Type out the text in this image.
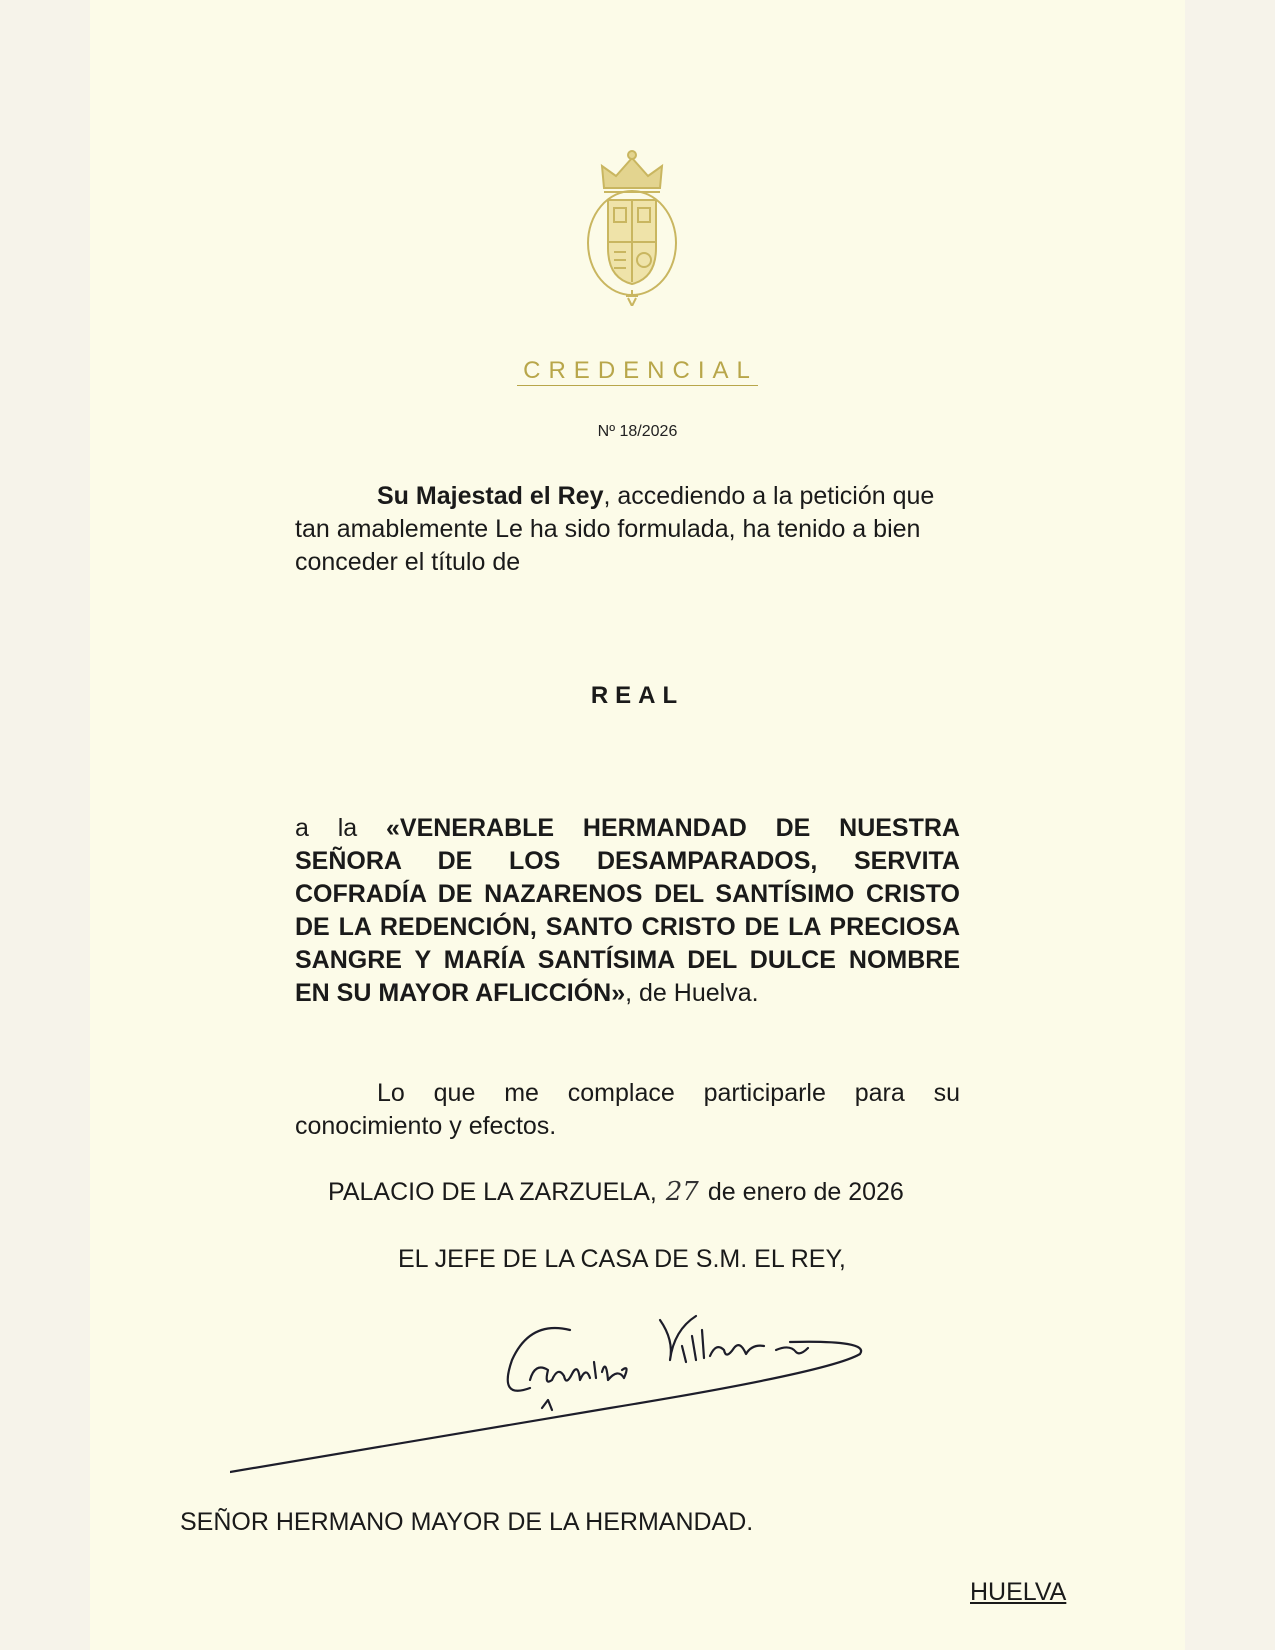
CREDENCIAL
Nº 18/2026
Su Majestad el Rey, accediendo a la petición que tan amablemente Le ha sido formulada, ha tenido a bien conceder el título de
REAL
a la «VENERABLE HERMANDAD DE NUESTRA SEÑORA DE LOS DESAMPARADOS, SERVITA COFRADÍA DE NAZARENOS DEL SANTÍSIMO CRISTO DE LA REDENCIÓN, SANTO CRISTO DE LA PRECIOSA SANGRE Y MARÍA SANTÍSIMA DEL DULCE NOMBRE EN SU MAYOR AFLICCIÓN», de Huelva.
Lo que me complace participarle para su conocimiento y efectos.
PALACIO DE LA ZARZUELA, 27 de enero de 2026
EL JEFE DE LA CASA DE S.M. EL REY,
SEÑOR HERMANO MAYOR DE LA HERMANDAD.
HUELVA
